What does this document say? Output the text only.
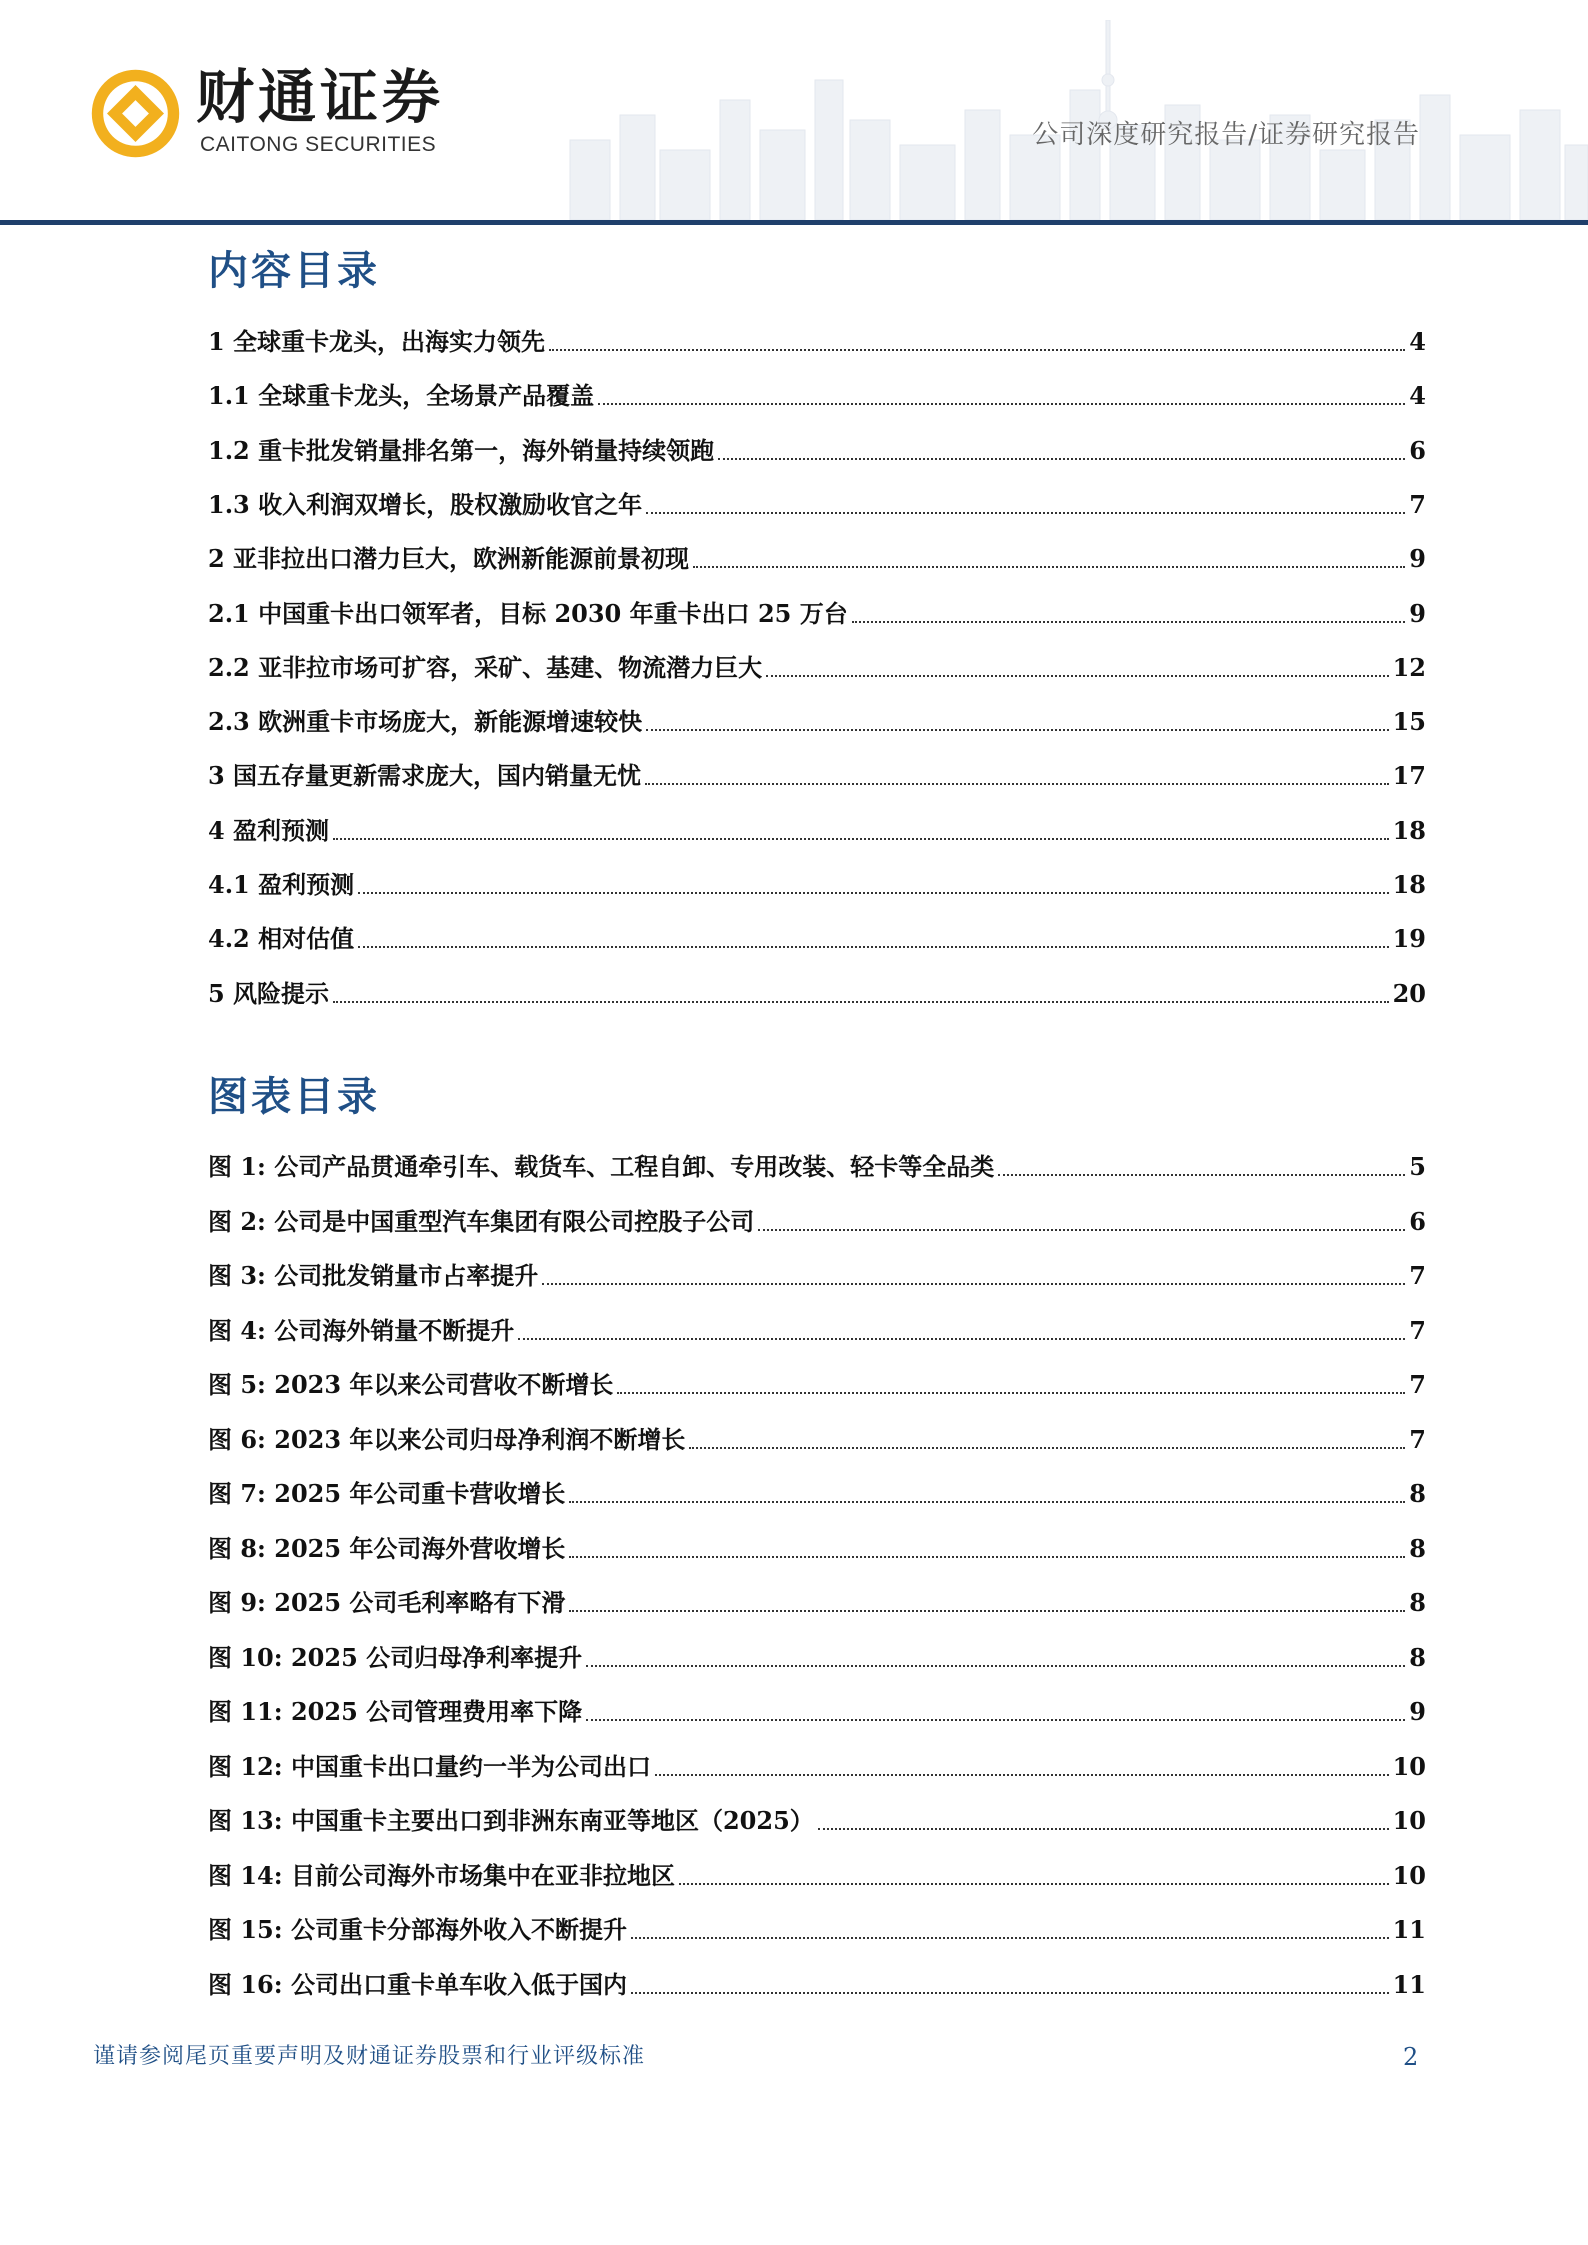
财通证券
CAITONG SECURITIES	公司深度研究报告/证券研究报告
内容目录
1 全球重卡龙头，出海实力领先	4
1.1 全球重卡龙头，全场景产品覆盖	4
1.2 重卡批发销量排名第一，海外销量持续领跑	6
1.3 收入利润双增长，股权激励收官之年	7
2 亚非拉出口潜力巨大，欧洲新能源前景初现	9
2.1 中国重卡出口领军者，目标 2030 年重卡出口 25 万台	9
2.2 亚非拉市场可扩容，采矿、基建、物流潜力巨大	12
2.3 欧洲重卡市场庞大，新能源增速较快	15
3 国五存量更新需求庞大，国内销量无忧	17
4 盈利预测	18
4.1 盈利预测	18
4.2 相对估值	19
5 风险提示	20
图表目录
图 1: 公司产品贯通牵引车、载货车、工程自卸、专用改装、轻卡等全品类	5
图 2: 公司是中国重型汽车集团有限公司控股子公司	6
图 3: 公司批发销量市占率提升	7
图 4: 公司海外销量不断提升	7
图 5: 2023 年以来公司营收不断增长	7
图 6: 2023 年以来公司归母净利润不断增长	7
图 7: 2025 年公司重卡营收增长	8
图 8: 2025 年公司海外营收增长	8
图 9: 2025 公司毛利率略有下滑	8
图 10: 2025 公司归母净利率提升	8
图 11: 2025 公司管理费用率下降	9
图 12: 中国重卡出口量约一半为公司出口	10
图 13: 中国重卡主要出口到非洲东南亚等地区（2025）	10
图 14: 目前公司海外市场集中在亚非拉地区	10
图 15: 公司重卡分部海外收入不断提升	11
图 16: 公司出口重卡单车收入低于国内	11
谨请参阅尾页重要声明及财通证券股票和行业评级标准	2
